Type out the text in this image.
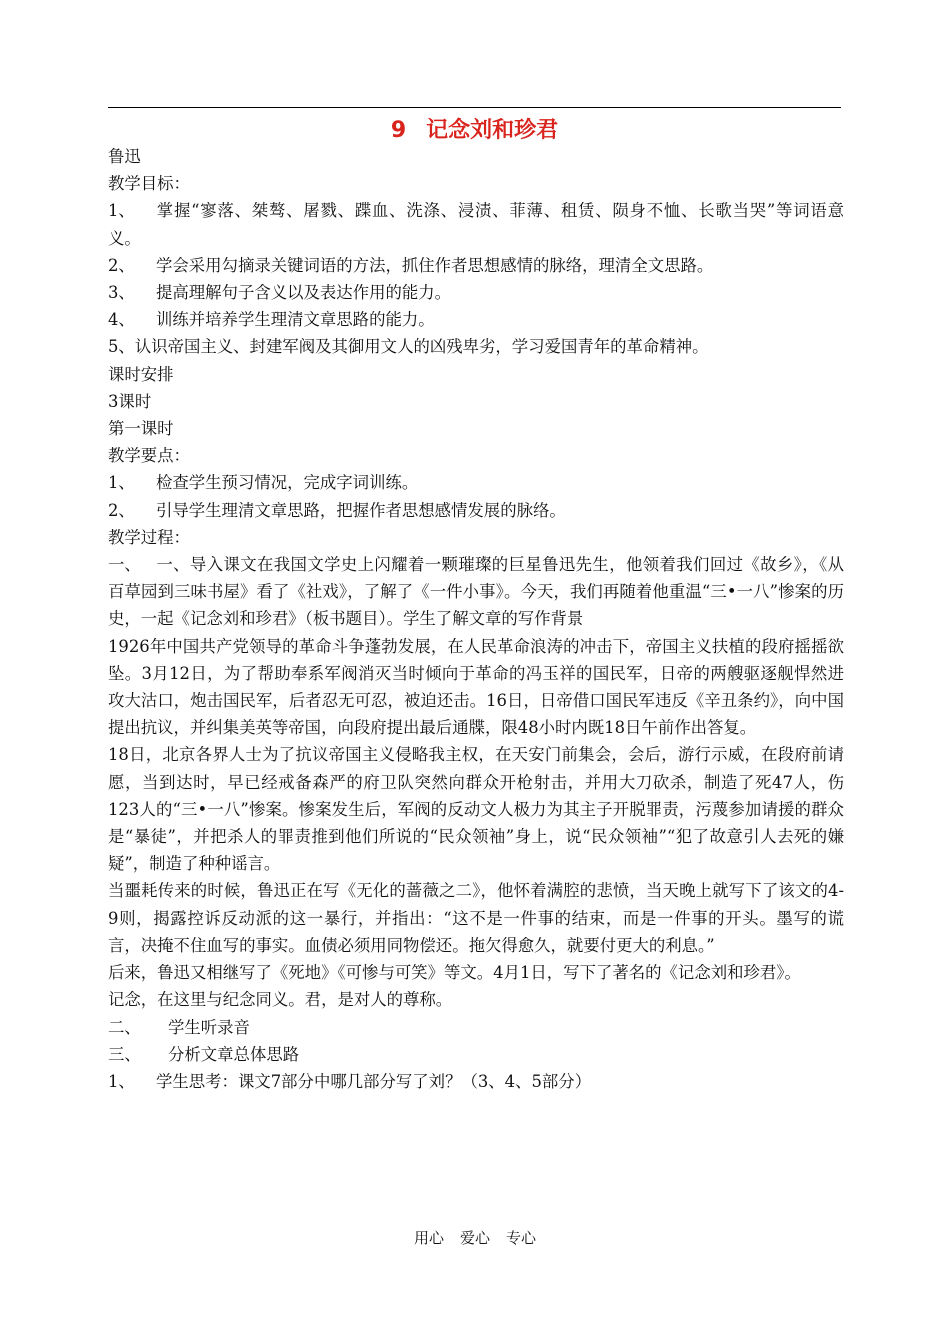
9 记念刘和珍君

鲁迅

教学目标：

1、 掌握“寥落、桀骜、屠戮、蹀血、洗涤、浸渍、菲薄、租赁、陨身不恤、长歌当哭”等词语意义。

2、 学会采用勾摘录关键词语的方法，抓住作者思想感情的脉络，理清全文思路。

3、 提高理解句子含义以及表达作用的能力。

4、 训练并培养学生理清文章思路的能力。

5、认识帝国主义、封建军阀及其御用文人的凶残卑劣，学习爱国青年的革命精神。

课时安排

3课时

第一课时

教学要点：

1、 检查学生预习情况，完成字词训练。

2、 引导学生理清文章思路，把握作者思想感情发展的脉络。

教学过程：

一、 一、导入课文在我国文学史上闪耀着一颗璀璨的巨星鲁迅先生，他领着我们回过《故乡》，《从百草园到三味书屋》看了《社戏》，了解了《一件小事》。今天，我们再随着他重温“三•一八”惨案的历史，一起《记念刘和珍君》（板书题目）。学生了解文章的写作背景

1926年中国共产党领导的革命斗争蓬勃发展，在人民革命浪涛的冲击下，帝国主义扶植的段府摇摇欲坠。3月12日，为了帮助奉系军阀消灭当时倾向于革命的冯玉祥的国民军，日帝的两艘驱逐舰悍然进攻大沽口，炮击国民军，后者忍无可忍，被迫还击。16日，日帝借口国民军违反《辛丑条约》，向中国提出抗议，并纠集美英等帝国，向段府提出最后通牒，限48小时内既18日午前作出答复。

18日，北京各界人士为了抗议帝国主义侵略我主权，在天安门前集会，会后，游行示威，在段府前请愿，当到达时，早已经戒备森严的府卫队突然向群众开枪射击，并用大刀砍杀，制造了死47人，伤123人的“三•一八”惨案。惨案发生后，军阀的反动文人极力为其主子开脱罪责，污蔑参加请援的群众是“暴徒”，并把杀人的罪责推到他们所说的“民众领袖”身上，说“民众领袖”“犯了故意引人去死的嫌疑”，制造了种种谣言。

当噩耗传来的时候，鲁迅正在写《无化的蔷薇之二》，他怀着满腔的悲愤，当天晚上就写下了该文的4-9则，揭露控诉反动派的这一暴行，并指出：“这不是一件事的结束，而是一件事的开头。墨写的谎言，决掩不住血写的事实。血债必须用同物偿还。拖欠得愈久，就要付更大的利息。”

后来，鲁迅又相继写了《死地》《可惨与可笑》等文。4月1日，写下了著名的《记念刘和珍君》。

记念，在这里与纪念同义。君，是对人的尊称。

二、 学生听录音

三、 分析文章总体思路

1、 学生思考：课文7部分中哪几部分写了刘？（3、4、5部分）

用心 爱心 专心
